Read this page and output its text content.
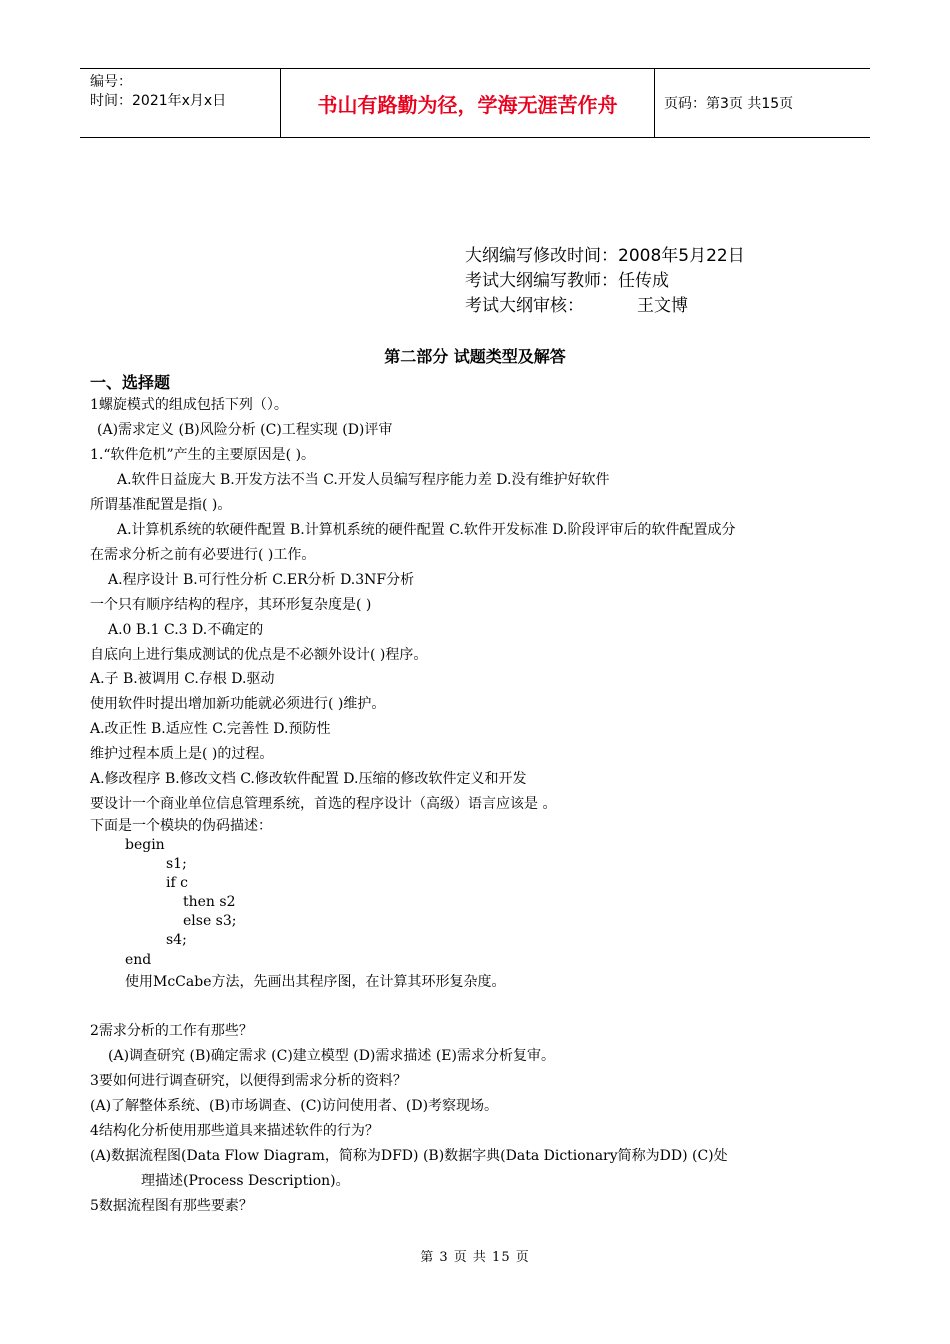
编号：
时间：2021年x月x日	书山有路勤为径，学海无涯苦作舟	页码：第3页 共15页
大纲编写修改时间：2008年5月22日
考试大纲编写教师：任传成
考试大纲审核：	王文博
第二部分 试题类型及解答
一、选择题
1螺旋模式的组成包括下列（）。
(A)需求定义 (B)风险分析 (C)工程实现 (D)评审
1.“软件危机”产生的主要原因是( )。
A.软件日益庞大 B.开发方法不当 C.开发人员编写程序能力差 D.没有维护好软件
所谓基准配置是指( )。
A.计算机系统的软硬件配置 B.计算机系统的硬件配置 C.软件开发标准 D.阶段评审后的软件配置成分
在需求分析之前有必要进行( )工作。
A.程序设计 B.可行性分析 C.ER分析 D.3NF分析
一个只有顺序结构的程序，其环形复杂度是( )
A.0 B.1 C.3 D.不确定的
自底向上进行集成测试的优点是不必额外设计( )程序。
A.子 B.被调用 C.存根 D.驱动
使用软件时提出增加新功能就必须进行( )维护。
A.改正性 B.适应性 C.完善性 D.预防性
维护过程本质上是( )的过程。
A.修改程序 B.修改文档 C.修改软件配置 D.压缩的修改软件定义和开发
要设计一个商业单位信息管理系统，首选的程序设计（高级）语言应该是 。
下面是一个模块的伪码描述：
begin
s1;
if c
then s2
else s3;
s4;
end
使用McCabe方法，先画出其程序图，在计算其环形复杂度。
2需求分析的工作有那些？
(A)调查研究 (B)确定需求 (C)建立模型 (D)需求描述 (E)需求分析复审。
3要如何进行调查研究，以便得到需求分析的资料？
(A)了解整体系统、(B)市场调查、(C)访问使用者、(D)考察现场。
4结构化分析使用那些道具来描述软件的行为？
(A)数据流程图(Data Flow Diagram，简称为DFD) (B)数据字典(Data Dictionary简称为DD) (C)处
理描述(Process Description)。
5数据流程图有那些要素？
第 3 页 共 15 页
